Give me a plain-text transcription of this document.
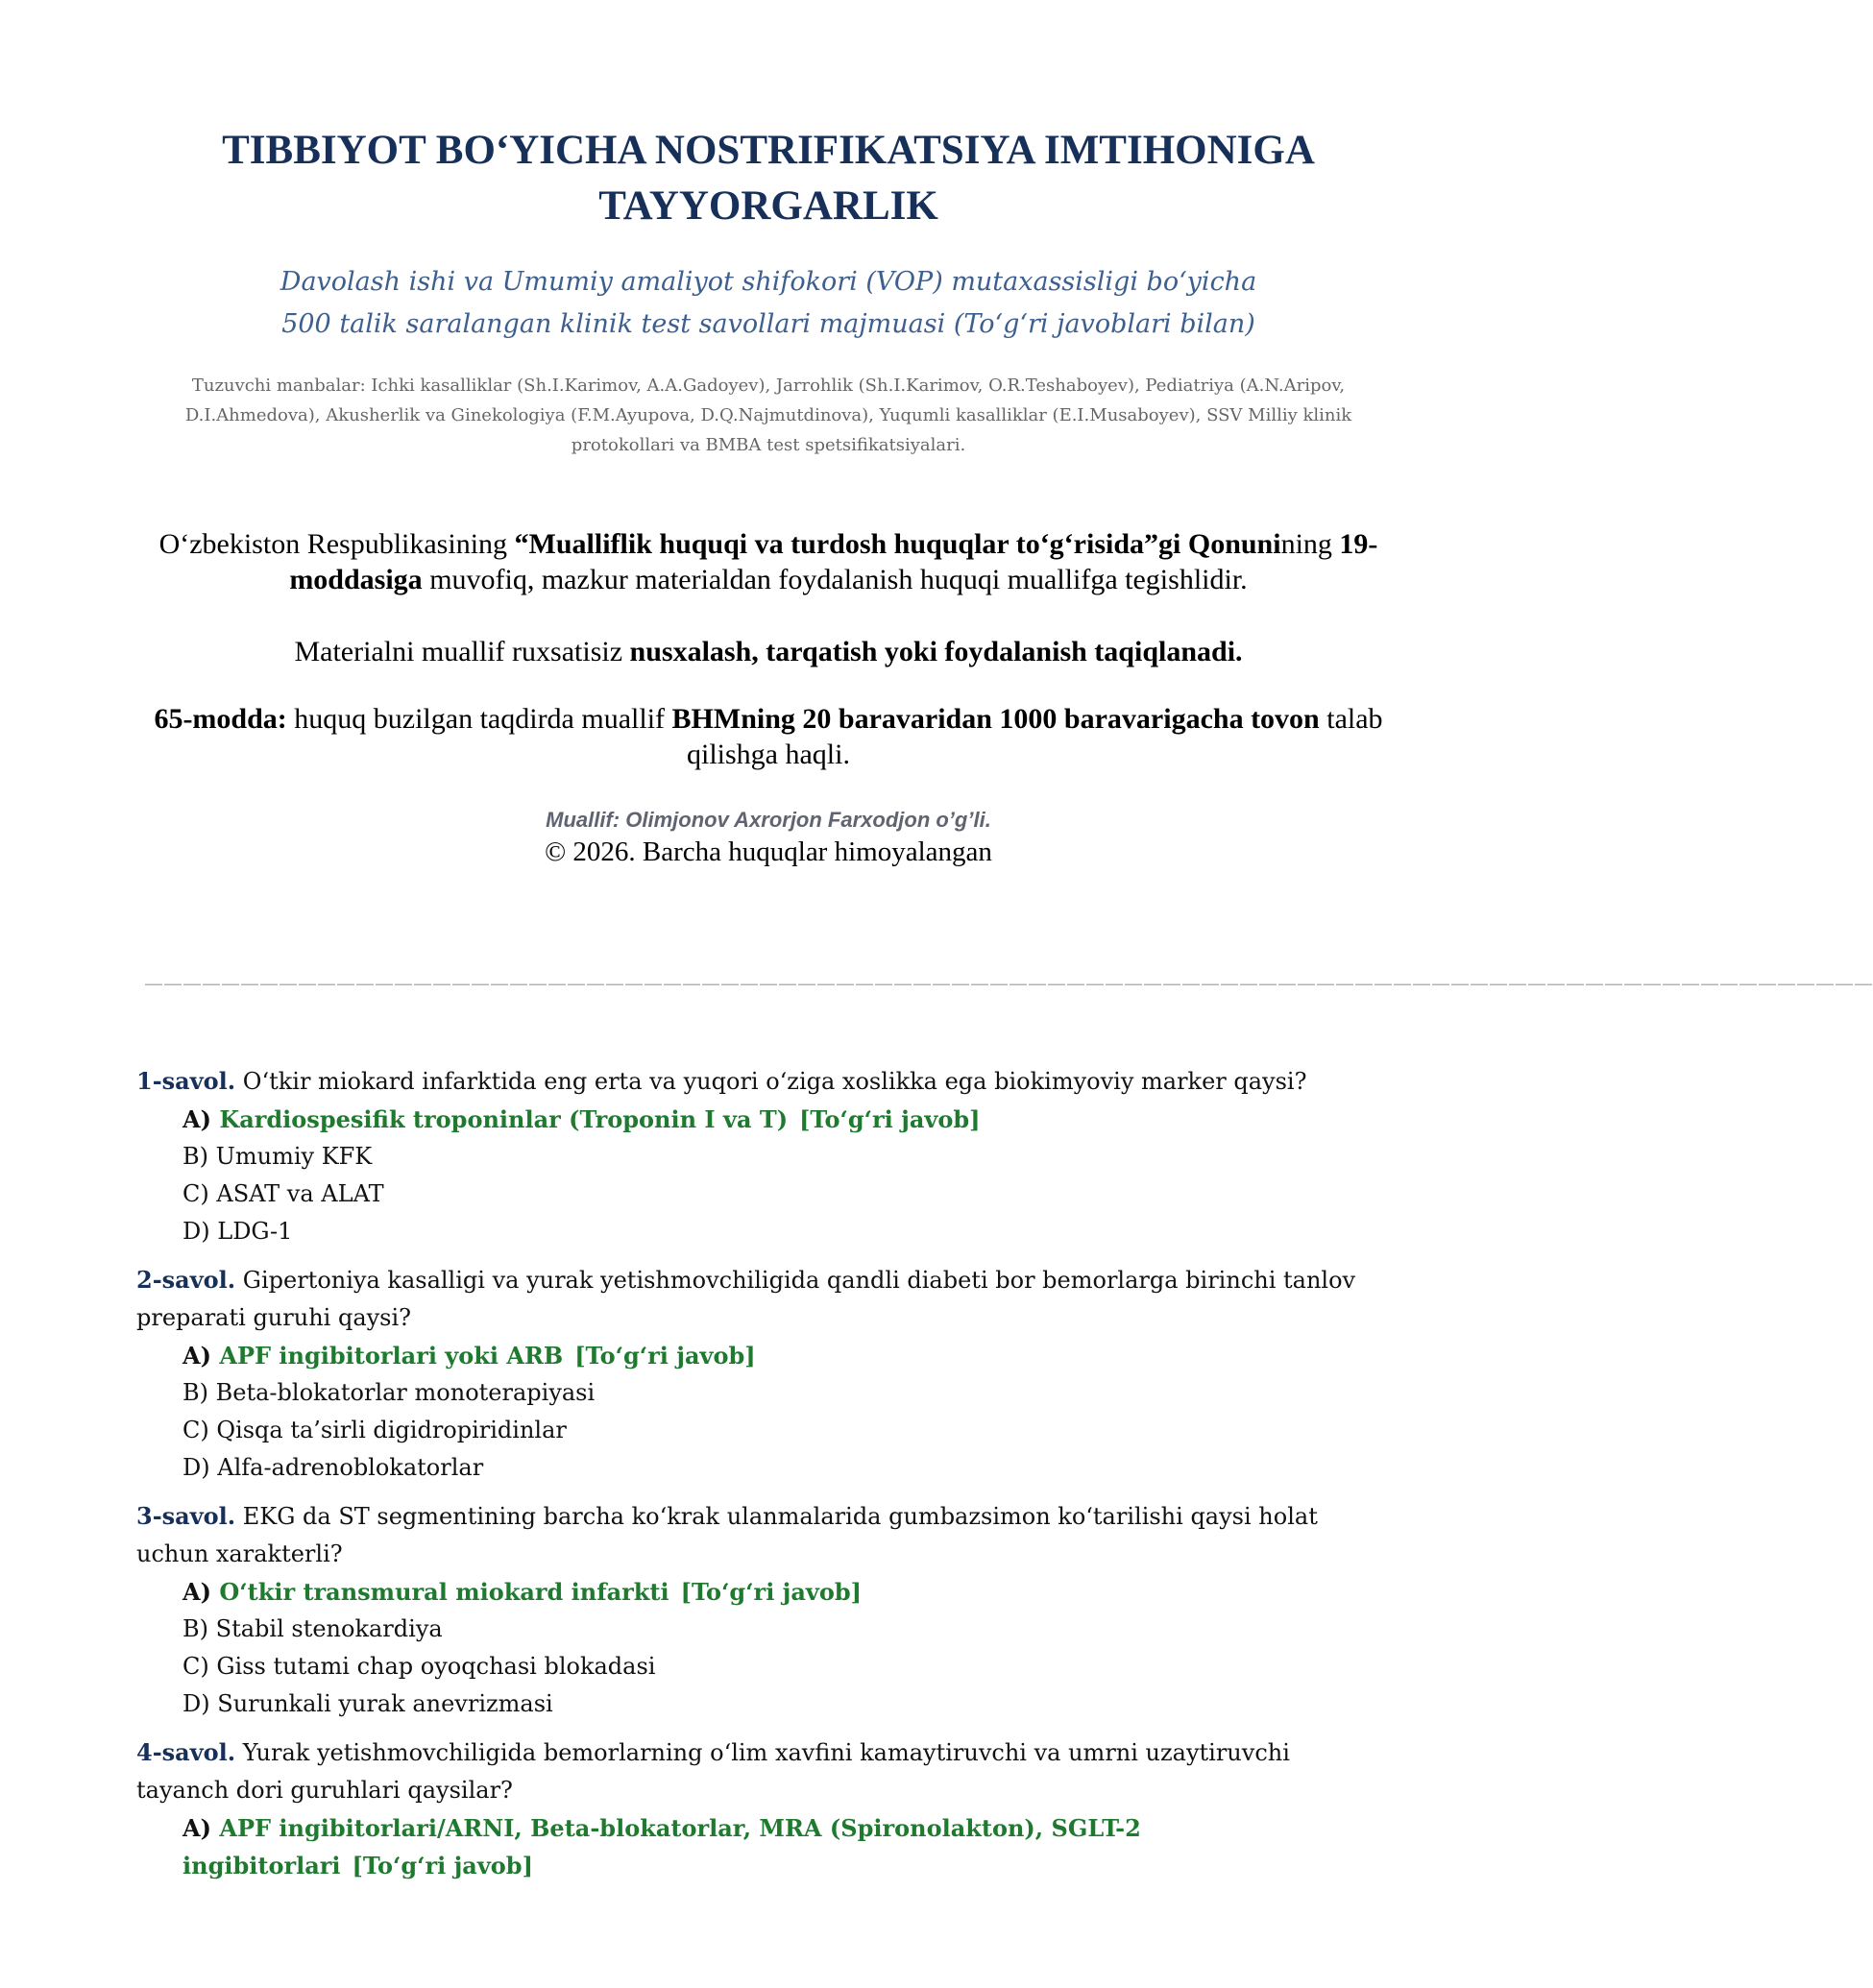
TIBBIYOT BO‘YICHA NOSTRIFIKATSIYA IMTIHONIGA
TAYYORGARLIK

Davolash ishi va Umumiy amaliyot shifokori (VOP) mutaxassisligi bo‘yicha
500 talik saralangan klinik test savollari majmuasi (To‘g‘ri javoblari bilan)

Tuzuvchi manbalar: Ichki kasalliklar (Sh.I.Karimov, A.A.Gadoyev), Jarrohlik (Sh.I.Karimov, O.R.Teshaboyev), Pediatriya (A.N.Aripov, D.I.Ahmedova), Akusherlik va Ginekologiya (F.M.Ayupova, D.Q.Najmutdinova), Yuqumli kasalliklar (E.I.Musaboyev), SSV Milliy klinik protokollari va BMBA test spetsifikatsiyalari.

O‘zbekiston Respublikasining “Mualliflik huquqi va turdosh huquqlar to‘g‘risida”gi Qonunining 19-moddasiga muvofiq, mazkur materialdan foydalanish huquqi muallifga tegishlidir.

Materialni muallif ruxsatisiz nusxalash, tarqatish yoki foydalanish taqiqlanadi.

65-modda: huquq buzilgan taqdirda muallif BHMning 20 baravaridan 1000 baravarigacha tovon talab qilishga haqli.

Muallif: Olimjonov Axrorjon Farxodjon o’g’li.

© 2026. Barcha huquqlar himoyalangan

——————————————————————————————————————————————————————————————————————————————————————————

1-savol. O‘tkir miokard infarktida eng erta va yuqori o‘ziga xoslikka ega biokimyoviy marker qaysi?

A) Kardiospesifik troponinlar (Troponin I va T) [To‘g‘ri javob]

B) Umumiy KFK

C) ASAT va ALAT

D) LDG-1

2-savol. Gipertoniya kasalligi va yurak yetishmovchiligida qandli diabeti bor bemorlarga birinchi tanlov preparati guruhi qaysi?

A) APF ingibitorlari yoki ARB [To‘g‘ri javob]

B) Beta-blokatorlar monoterapiyasi

C) Qisqa ta’sirli digidropiridinlar

D) Alfa-adrenoblokatorlar

3-savol. EKG da ST segmentining barcha ko‘krak ulanmalarida gumbazsimon ko‘tarilishi qaysi holat uchun xarakterli?

A) O‘tkir transmural miokard infarkti [To‘g‘ri javob]

B) Stabil stenokardiya

C) Giss tutami chap oyoqchasi blokadasi

D) Surunkali yurak anevrizmasi

4-savol. Yurak yetishmovchiligida bemorlarning o‘lim xavfini kamaytiruvchi va umrni uzaytiruvchi tayanch dori guruhlari qaysilar?

A) APF ingibitorlari/ARNI, Beta-blokatorlar, MRA (Spironolakton), SGLT-2 ingibitorlari [To‘g‘ri javob]
